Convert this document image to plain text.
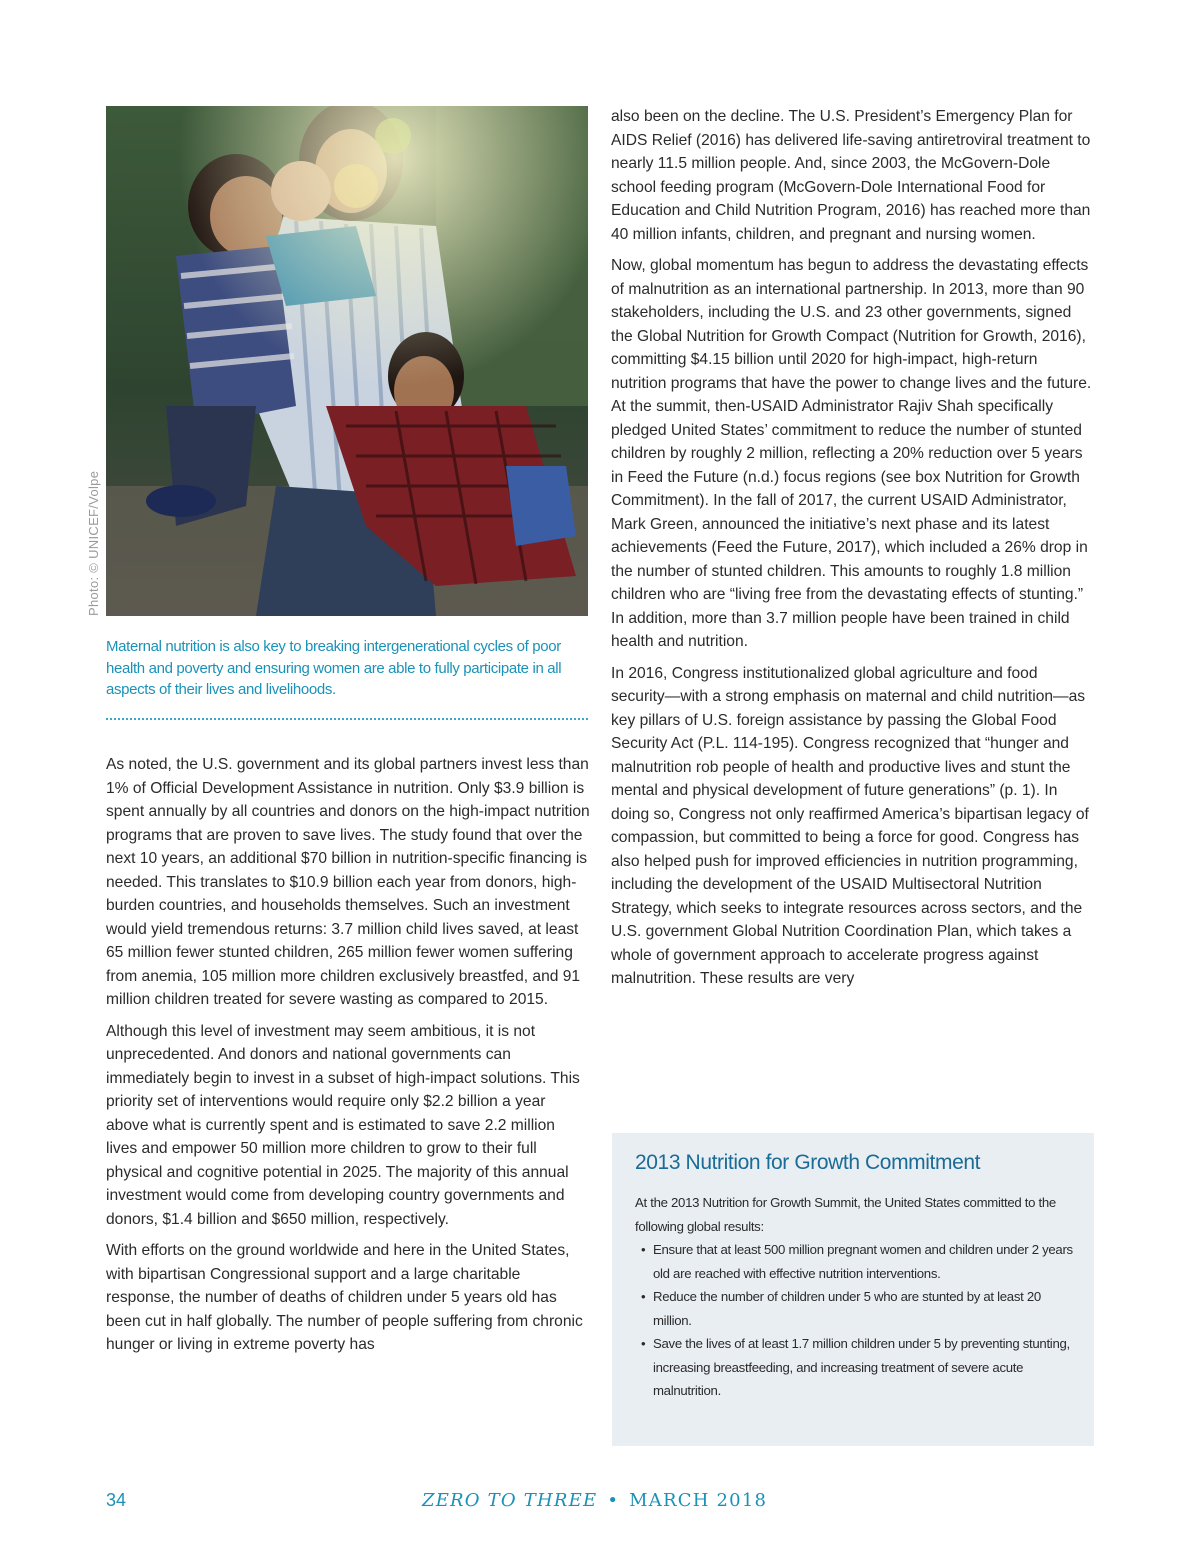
Photo: © UNICEF/Volpe
Maternal nutrition is also key to breaking intergenerational cycles of poor health and poverty and ensuring women are able to fully participate in all aspects of their lives and livelihoods.

As noted, the U.S. government and its global partners invest less than 1% of Official Development Assistance in nutrition. Only $3.9 billion is spent annually by all countries and donors on the high-impact nutrition programs that are proven to save lives. The study found that over the next 10 years, an additional $70 billion in nutrition-specific financing is needed. This translates to $10.9 billion each year from donors, high-burden countries, and households themselves. Such an investment would yield tremendous returns: 3.7 million child lives saved, at least 65 million fewer stunted children, 265 million fewer women suffering from anemia, 105 million more children exclusively breastfed, and 91 million children treated for severe wasting as compared to 2015.

Although this level of investment may seem ambitious, it is not unprecedented. And donors and national governments can immediately begin to invest in a subset of high-impact solutions. This priority set of interventions would require only $2.2 billion a year above what is currently spent and is estimated to save 2.2 million lives and empower 50 million more children to grow to their full physical and cognitive potential in 2025. The majority of this annual investment would come from developing country governments and donors, $1.4 billion and $650 million, respectively.

With efforts on the ground worldwide and here in the United States, with bipartisan Congressional support and a large charitable response, the number of deaths of children under 5 years old has been cut in half globally. The number of people suffering from chronic hunger or living in extreme poverty has

also been on the decline. The U.S. President’s Emergency Plan for AIDS Relief (2016) has delivered life-saving antiretroviral treatment to nearly 11.5 million people. And, since 2003, the McGovern-Dole school feeding program (McGovern-Dole International Food for Education and Child Nutrition Program, 2016) has reached more than 40 million infants, children, and pregnant and nursing women.

Now, global momentum has begun to address the devastating effects of malnutrition as an international partnership. In 2013, more than 90 stakeholders, including the U.S. and 23 other governments, signed the Global Nutrition for Growth Compact (Nutrition for Growth, 2016), committing $4.15 billion until 2020 for high-impact, high-return nutrition programs that have the power to change lives and the future. At the summit, then-USAID Administrator Rajiv Shah specifically pledged United States’ commitment to reduce the number of stunted children by roughly 2 million, reflecting a 20% reduction over 5 years in Feed the Future (n.d.) focus regions (see box Nutrition for Growth Commitment). In the fall of 2017, the current USAID Administrator, Mark Green, announced the initiative’s next phase and its latest achievements (Feed the Future, 2017), which included a 26% drop in the number of stunted children. This amounts to roughly 1.8 million children who are “living free from the devastating effects of stunting.” In addition, more than 3.7 million people have been trained in child health and nutrition.

In 2016, Congress institutionalized global agriculture and food security—with a strong emphasis on maternal and child nutrition—as key pillars of U.S. foreign assistance by passing the Global Food Security Act (P.L. 114-195). Congress recognized that “hunger and malnutrition rob people of health and productive lives and stunt the mental and physical development of future generations” (p. 1). In doing so, Congress not only reaffirmed America’s bipartisan legacy of compassion, but committed to being a force for good. Congress has also helped push for improved efficiencies in nutrition programming, including the development of the USAID Multisectoral Nutrition Strategy, which seeks to integrate resources across sectors, and the U.S. government Global Nutrition Coordination Plan, which takes a whole of government approach to accelerate progress against malnutrition. These results are very

2013 Nutrition for Growth Commitment
At the 2013 Nutrition for Growth Summit, the United States committed to the following global results:
• Ensure that at least 500 million pregnant women and children under 2 years old are reached with effective nutrition interventions.
• Reduce the number of children under 5 who are stunted by at least 20 million.
• Save the lives of at least 1.7 million children under 5 by preventing stunting, increasing breastfeeding, and increasing treatment of severe acute malnutrition.
34	ZERO TO THREE • MARCH 2018
